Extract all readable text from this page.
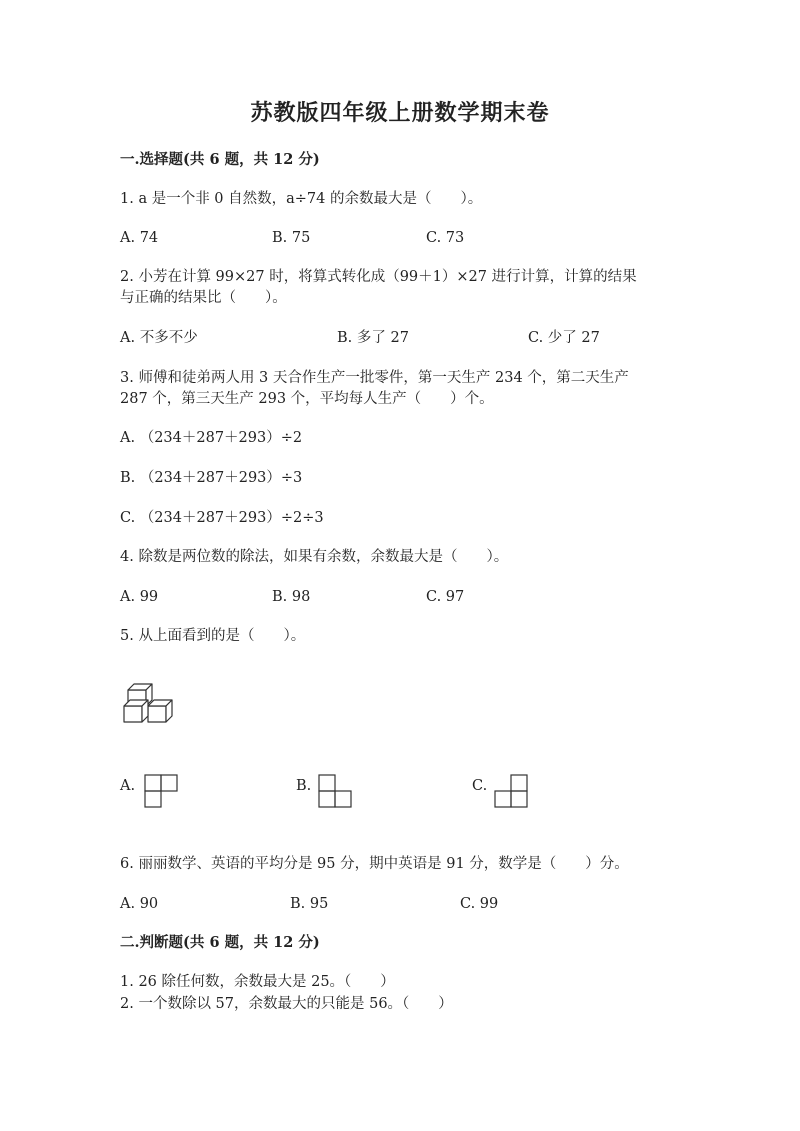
苏教版四年级上册数学期末卷
一.选择题(共 6 题，共 12 分)
1. a 是一个非 0 自然数，a÷74 的余数最大是（　　）。
A. 74	B. 75	C. 73
2. 小芳在计算 99×27 时，将算式转化成（99＋1）×27 进行计算，计算的结果
与正确的结果比（　　）。
A. 不多不少	B. 多了 27	C. 少了 27
3. 师傅和徒弟两人用 3 天合作生产一批零件，第一天生产 234 个，第二天生产
287 个，第三天生产 293 个，平均每人生产（　　）个。
A. （234＋287＋293）÷2
B. （234＋287＋293）÷3
C. （234＋287＋293）÷2÷3
4. 除数是两位数的除法，如果有余数，余数最大是（　　）。
A. 99	B. 98	C. 97
5. 从上面看到的是（　　）。
A.	B.	C.
6. 丽丽数学、英语的平均分是 95 分，期中英语是 91 分，数学是（　　）分。
A. 90	B. 95	C. 99
二.判断题(共 6 题，共 12 分)
1. 26 除任何数，余数最大是 25。（　　）
2. 一个数除以 57，余数最大的只能是 56。（　　）
